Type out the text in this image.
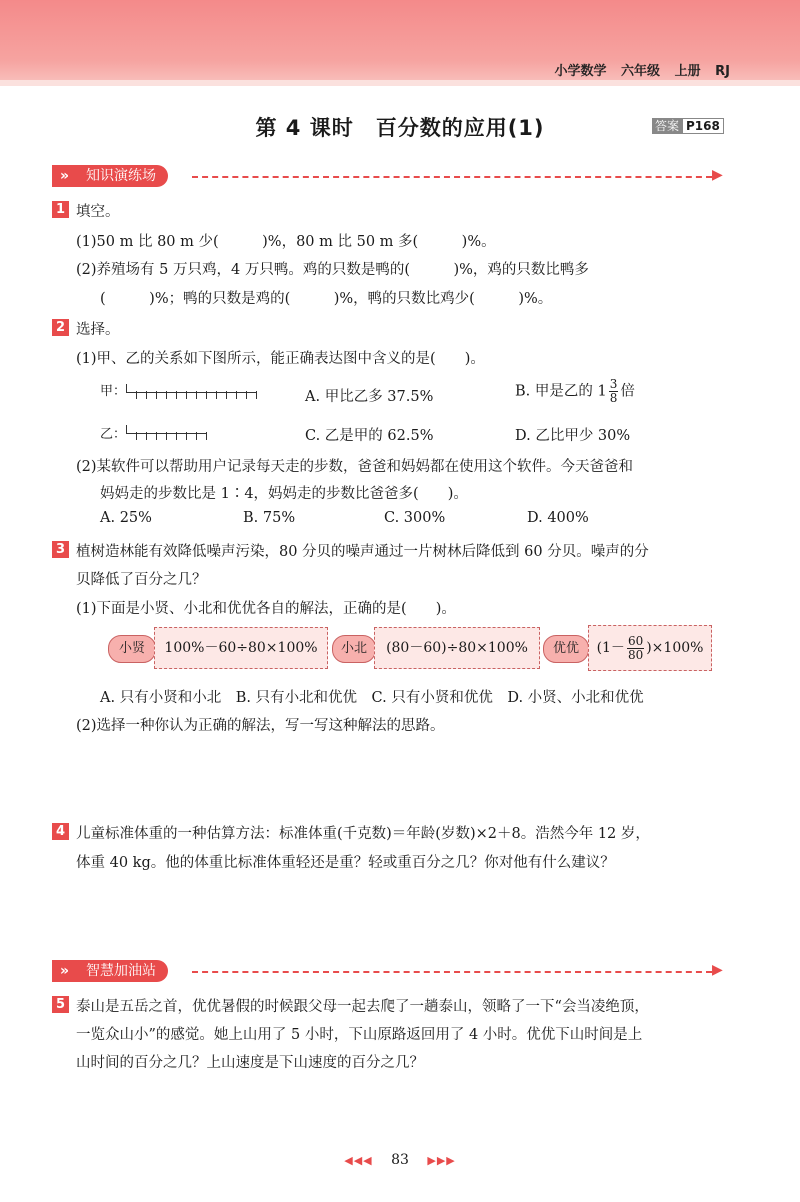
小学数学 六年级 上册 RJ
第 4 课时　百分数的应用(1)	答案 P168
» 知识演练场	▶
1 填空。
(1)50 m 比 80 m 少(　　　)%，80 m 比 50 m 多(　　　)%。
(2)养殖场有 5 万只鸡，4 万只鸭。鸡的只数是鸭的(　　　)%，鸡的只数比鸭多
(　　　)%；鸭的只数是鸡的(　　　)%，鸭的只数比鸡少(　　　)%。
2 选择。
(1)甲、乙的关系如下图所示，能正确表达图中含义的是(　　)。
甲：
乙：
A. 甲比乙多 37.5%	B. 甲是乙的 $1 \frac{3}{8}$ 倍
C. 乙是甲的 62.5%	D. 乙比甲少 30%
(2)某软件可以帮助用户记录每天走的步数，爸爸和妈妈都在使用这个软件。今天爸爸和
妈妈走的步数比是 1∶4，妈妈走的步数比爸爸多(　　)。
A. 25%	B. 75%	C. 300%	D. 400%
3 植树造林能有效降低噪声污染，80 分贝的噪声通过一片树林后降低到 60 分贝。噪声的分
贝降低了百分之几？
(1)下面是小贤、小北和优优各自的解法，正确的是(　　)。
小贤	100%－60÷80×100%	小北	(80－60)÷80×100%	优优	$(1- \frac{60}{80} )\times 100\%$
A. 只有小贤和小北　B. 只有小北和优优　C. 只有小贤和优优　D. 小贤、小北和优优
(2)选择一种你认为正确的解法，写一写这种解法的思路。
4 儿童标准体重的一种估算方法：标准体重(千克数)＝年龄(岁数)×2＋8。浩然今年 12 岁，
体重 40 kg。他的体重比标准体重轻还是重？轻或重百分之几？你对他有什么建议？
» 智慧加油站	▶
5 泰山是五岳之首，优优暑假的时候跟父母一起去爬了一趟泰山，领略了一下“会当凌绝顶，
一览众山小”的感觉。她上山用了 5 小时，下山原路返回用了 4 小时。优优下山时间是上
山时间的百分之几？上山速度是下山速度的百分之几？
◀◀◀ 83 ▶▶▶
